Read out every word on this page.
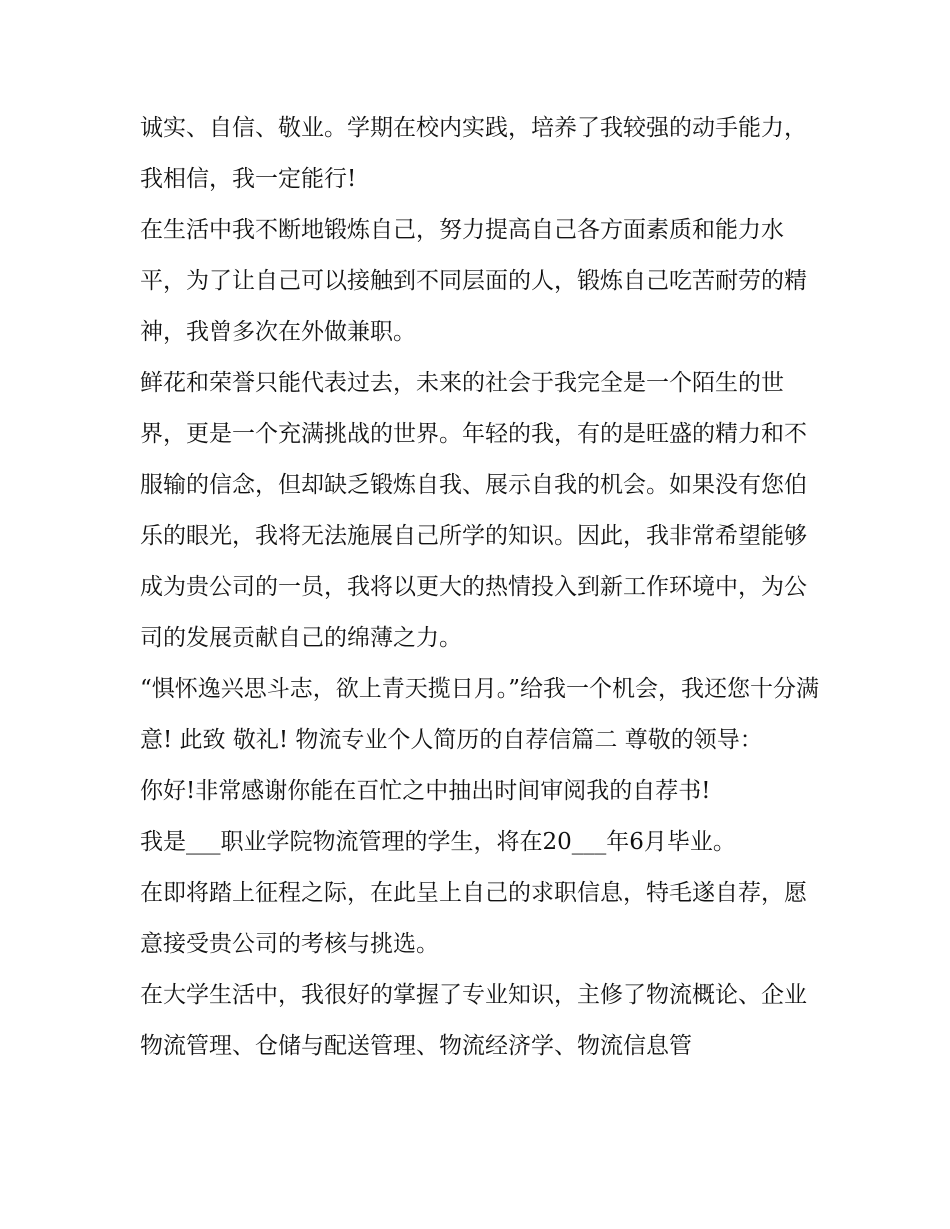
诚实、自信、敬业。学期在校内实践，培养了我较强的动手能力，我相信，我一定能行!

在生活中我不断地锻炼自己，努力提高自己各方面素质和能力水平，为了让自己可以接触到不同层面的人，锻炼自己吃苦耐劳的精神，我曾多次在外做兼职。

鲜花和荣誉只能代表过去，未来的社会于我完全是一个陌生的世界，更是一个充满挑战的世界。年轻的我，有的是旺盛的精力和不服输的信念，但却缺乏锻炼自我、展示自我的机会。如果没有您伯乐的眼光，我将无法施展自己所学的知识。因此，我非常希望能够成为贵公司的一员，我将以更大的热情投入到新工作环境中，为公司的发展贡献自己的绵薄之力。

“惧怀逸兴思斗志，欲上青天揽日月。”给我一个机会，我还您十分满意! 此致 敬礼! 物流专业个人简历的自荐信篇二 尊敬的领导：

你好!非常感谢你能在百忙之中抽出时间审阅我的自荐书!

我是___职业学院物流管理的学生，将在20___年6月毕业。

在即将踏上征程之际，在此呈上自己的求职信息，特毛遂自荐，愿意接受贵公司的考核与挑选。

在大学生活中，我很好的掌握了专业知识，主修了物流概论、企业物流管理、仓储与配送管理、物流经济学、物流信息管
